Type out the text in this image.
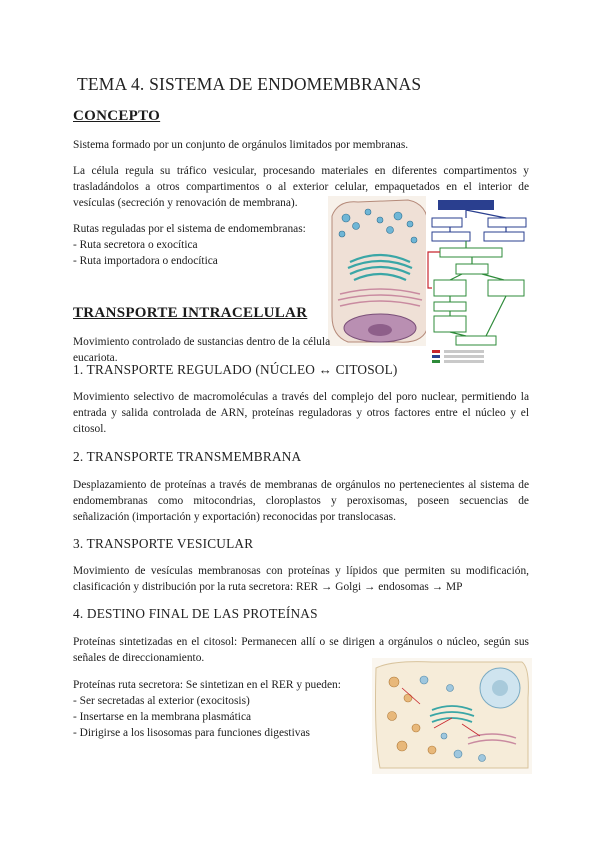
TEMA 4. SISTEMA DE ENDOMEMBRANAS
CONCEPTO
Sistema formado por un conjunto de orgánulos limitados por membranas.
La célula regula su tráfico vesicular, procesando materiales en diferentes compartimentos y trasladándolos a otros compartimentos o al exterior celular, empaquetados en el interior de vesículas (secreción y renovación de membrana).
Rutas reguladas por el sistema de endomembranas:
- Ruta secretora o exocítica
- Ruta importadora o endocítica
TRANSPORTE INTRACELULAR
Movimiento controlado de sustancias dentro de la célula eucariota.
1. TRANSPORTE REGULADO (NÚCLEO ↔ CITOSOL)
Movimiento selectivo de macromoléculas a través del complejo del poro nuclear, permitiendo la entrada y salida controlada de ARN, proteínas reguladoras y otros factores entre el núcleo y el citosol.
2. TRANSPORTE TRANSMEMBRANA
Desplazamiento de proteínas a través de membranas de orgánulos no pertenecientes al sistema de endomembranas como mitocondrias, cloroplastos y peroxisomas, poseen secuencias de señalización (importación y exportación) reconocidas por translocasas.
3. TRANSPORTE VESICULAR
Movimiento de vesículas membranosas con proteínas y lípidos que permiten su modificación, clasificación y distribución por la ruta secretora: RER → Golgi → endosomas → MP
4. DESTINO FINAL DE LAS PROTEÍNAS
Proteínas sintetizadas en el citosol: Permanecen allí o se dirigen a orgánulos o núcleo, según sus señales de direccionamiento.
Proteínas ruta secretora: Se sintetizan en el RER y pueden:
- Ser secretadas al exterior (exocitosis)
- Insertarse en la membrana plasmática
- Dirigirse a los lisosomas para funciones digestivas
